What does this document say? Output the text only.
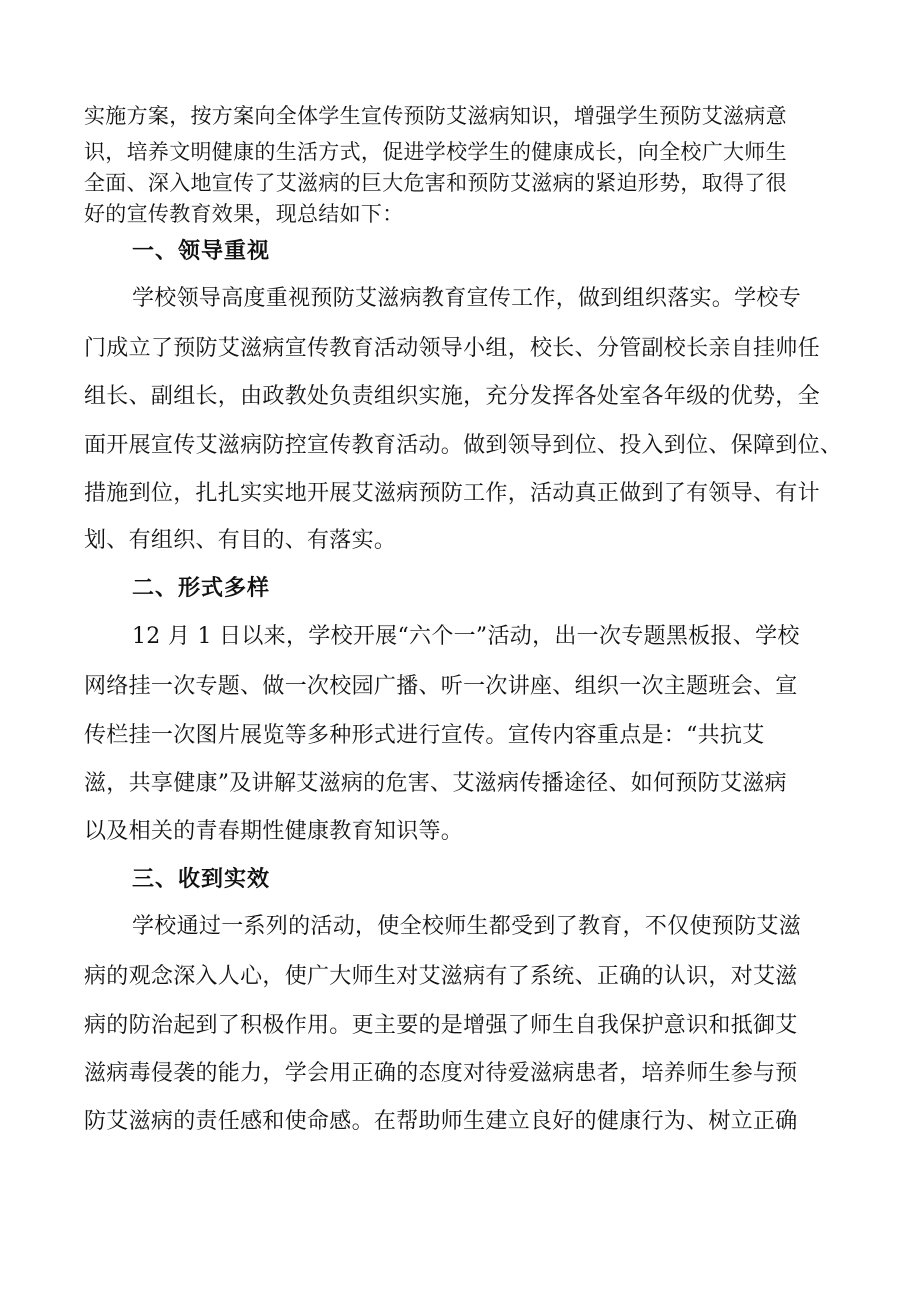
实施方案，按方案向全体学生宣传预防艾滋病知识，增强学生预防艾滋病意
识，培养文明健康的生活方式，促进学校学生的健康成长，向全校广大师生
全面、深入地宣传了艾滋病的巨大危害和预防艾滋病的紧迫形势，取得了很
好的宣传教育效果，现总结如下：
一、领导重视
学校领导高度重视预防艾滋病教育宣传工作，做到组织落实。学校专
门成立了预防艾滋病宣传教育活动领导小组，校长、分管副校长亲自挂帅任
组长、副组长，由政教处负责组织实施，充分发挥各处室各年级的优势，全
面开展宣传艾滋病防控宣传教育活动。做到领导到位、投入到位、保障到位、
措施到位，扎扎实实地开展艾滋病预防工作，活动真正做到了有领导、有计
划、有组织、有目的、有落实。
二、形式多样
12 月 1 日以来，学校开展“六个一”活动，出一次专题黑板报、学校
网络挂一次专题、做一次校园广播、听一次讲座、组织一次主题班会、宣
传栏挂一次图片展览等多种形式进行宣传。宣传内容重点是：“共抗艾
滋，共享健康”及讲解艾滋病的危害、艾滋病传播途径、如何预防艾滋病
以及相关的青春期性健康教育知识等。
三、收到实效
学校通过一系列的活动，使全校师生都受到了教育，不仅使预防艾滋
病的观念深入人心，使广大师生对艾滋病有了系统、正确的认识，对艾滋
病的防治起到了积极作用。更主要的是增强了师生自我保护意识和抵御艾
滋病毒侵袭的能力，学会用正确的态度对待爱滋病患者，培养师生参与预
防艾滋病的责任感和使命感。在帮助师生建立良好的健康行为、树立正确
